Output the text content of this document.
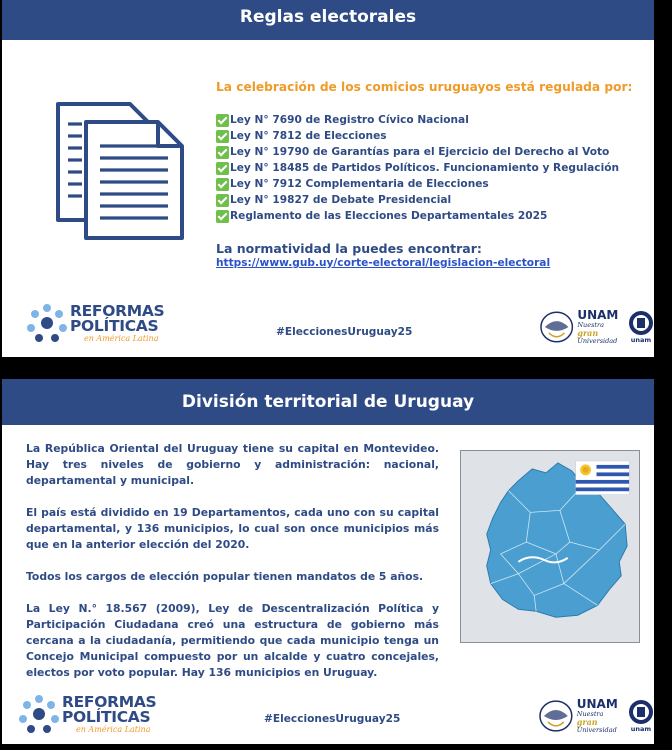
Reglas electorales
La celebración de los comicios uruguayos está regulada por:
Ley N° 7690 de Registro Cívico Nacional
Ley N° 7812 de Elecciones
Ley N° 19790 de Garantías para el Ejercicio del Derecho al Voto
Ley N° 18485 de Partidos Políticos. Funcionamiento y Regulación
Ley N° 7912 Complementaria de Elecciones
Ley N° 19827 de Debate Presidencial
Reglamento de las Elecciones Departamentales 2025
La normatividad la puedes encontrar:
https://www.gub.uy/corte-electoral/legislacion-electoral
REFORMAS
POLÍTICAS
en América Latina	#EleccionesUruguay25
UNAM
Nuestra gran
Universidad	unam
División territorial de Uruguay

La República Oriental del Uruguay tiene su capital en Montevideo. Hay tres niveles de gobierno y administración: nacional, departamental y municipal.

El país está dividido en 19 Departamentos, cada uno con su capital departamental, y 136 municipios, lo cual son once municipios más que en la anterior elección del 2020.

Todos los cargos de elección popular tienen mandatos de 5 años.

La Ley N.° 18.567 (2009), Ley de Descentralización Política y Participación Ciudadana creó una estructura de gobierno más cercana a la ciudadanía, permitiendo que cada municipio tenga un Concejo Municipal compuesto por un alcalde y cuatro concejales, electos por voto popular. Hay 136 municipios en Uruguay.

REFORMAS
POLÍTICAS
en América Latina
#EleccionesUruguay25
UNAM
Nuestra gran
Universidad	unam
